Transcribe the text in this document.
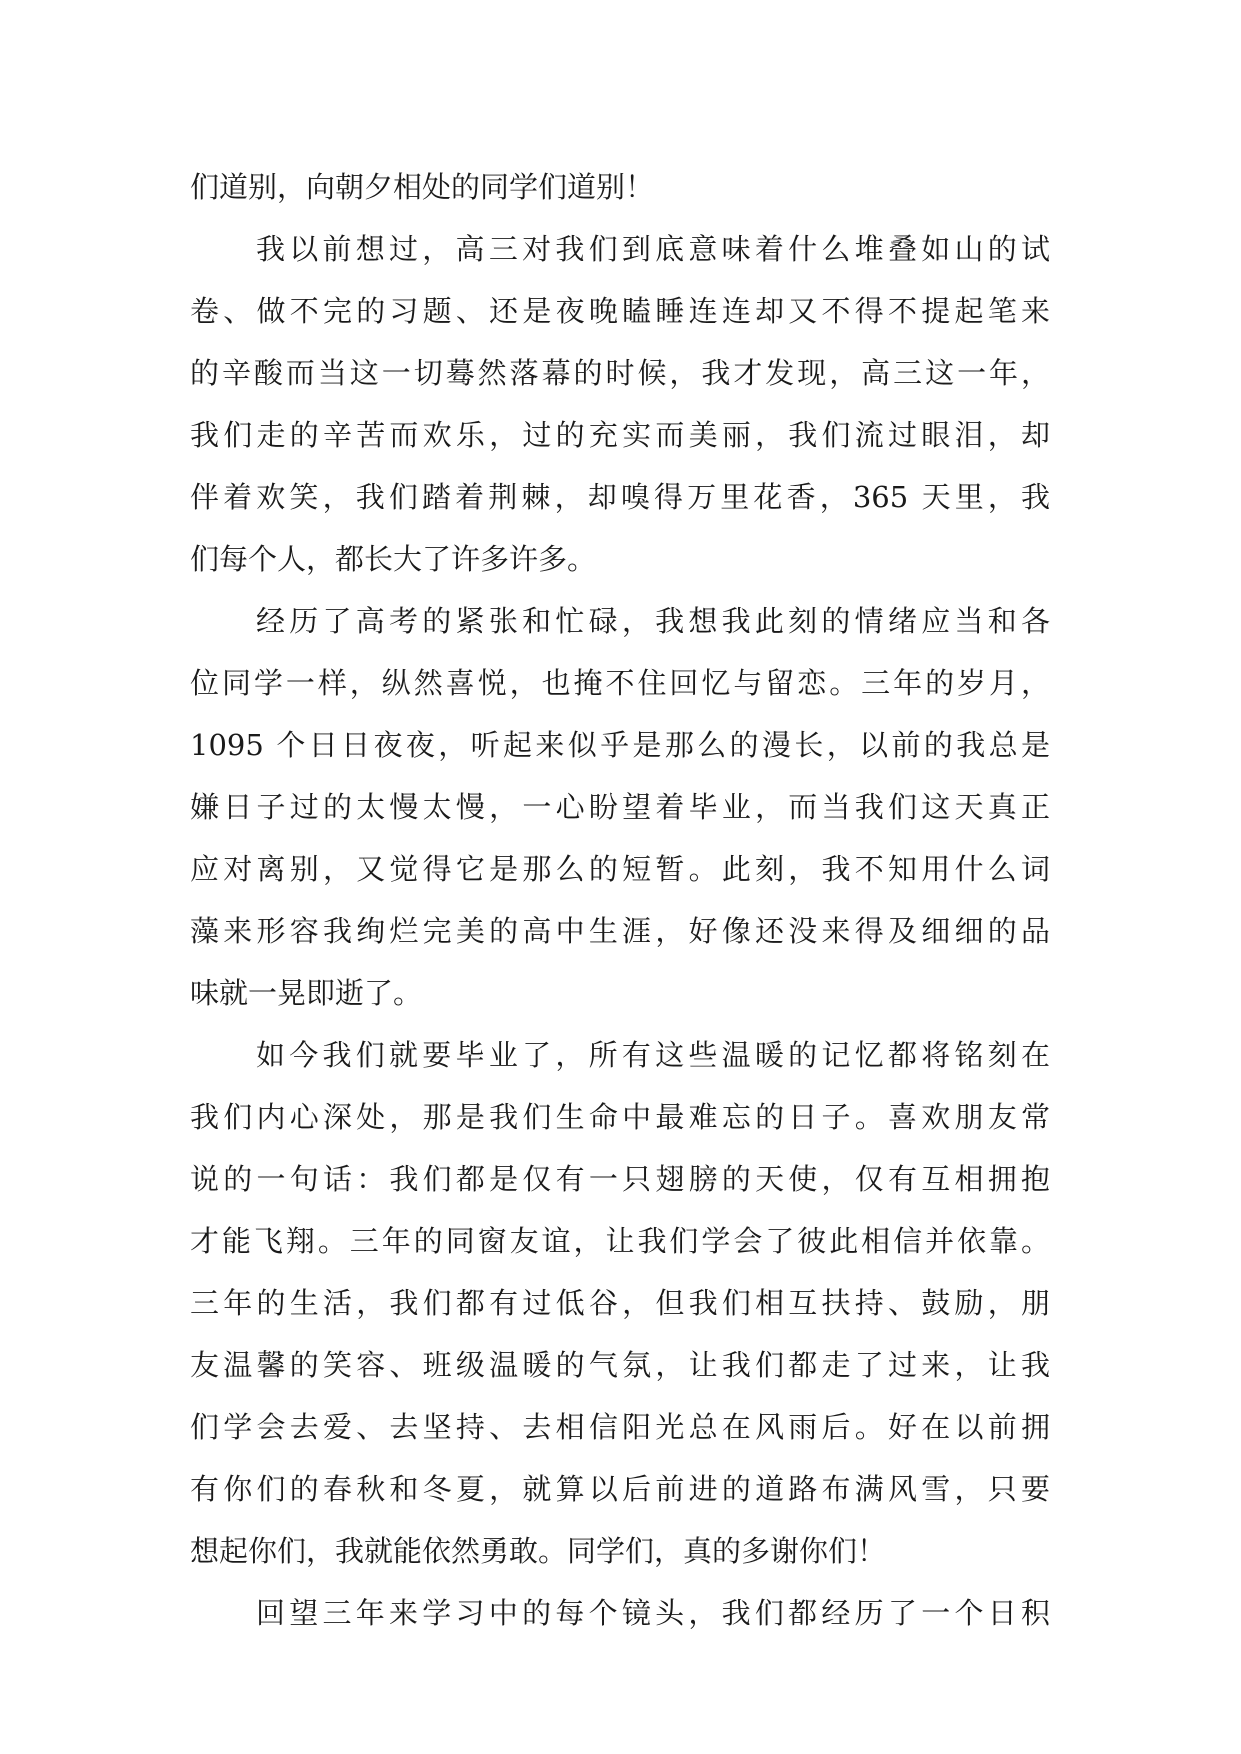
们道别，向朝夕相处的同学们道别！
我以前想过，高三对我们到底意味着什么堆叠如山的试
卷、做不完的习题、还是夜晚瞌睡连连却又不得不提起笔来
的辛酸而当这一切蓦然落幕的时候，我才发现，高三这一年，
我们走的辛苦而欢乐，过的充实而美丽，我们流过眼泪，却
伴着欢笑，我们踏着荆棘，却嗅得万里花香，365 天里，我
们每个人，都长大了许多许多。
经历了高考的紧张和忙碌，我想我此刻的情绪应当和各
位同学一样，纵然喜悦，也掩不住回忆与留恋。三年的岁月，
1095 个日日夜夜，听起来似乎是那么的漫长，以前的我总是
嫌日子过的太慢太慢，一心盼望着毕业，而当我们这天真正
应对离别，又觉得它是那么的短暂。此刻，我不知用什么词
藻来形容我绚烂完美的高中生涯，好像还没来得及细细的品
味就一晃即逝了。
如今我们就要毕业了，所有这些温暖的记忆都将铭刻在
我们内心深处，那是我们生命中最难忘的日子。喜欢朋友常
说的一句话：我们都是仅有一只翅膀的天使，仅有互相拥抱
才能飞翔。三年的同窗友谊，让我们学会了彼此相信并依靠。
三年的生活，我们都有过低谷，但我们相互扶持、鼓励，朋
友温馨的笑容、班级温暖的气氛，让我们都走了过来，让我
们学会去爱、去坚持、去相信阳光总在风雨后。好在以前拥
有你们的春秋和冬夏，就算以后前进的道路布满风雪，只要
想起你们，我就能依然勇敢。同学们，真的多谢你们！
回望三年来学习中的每个镜头，我们都经历了一个日积
